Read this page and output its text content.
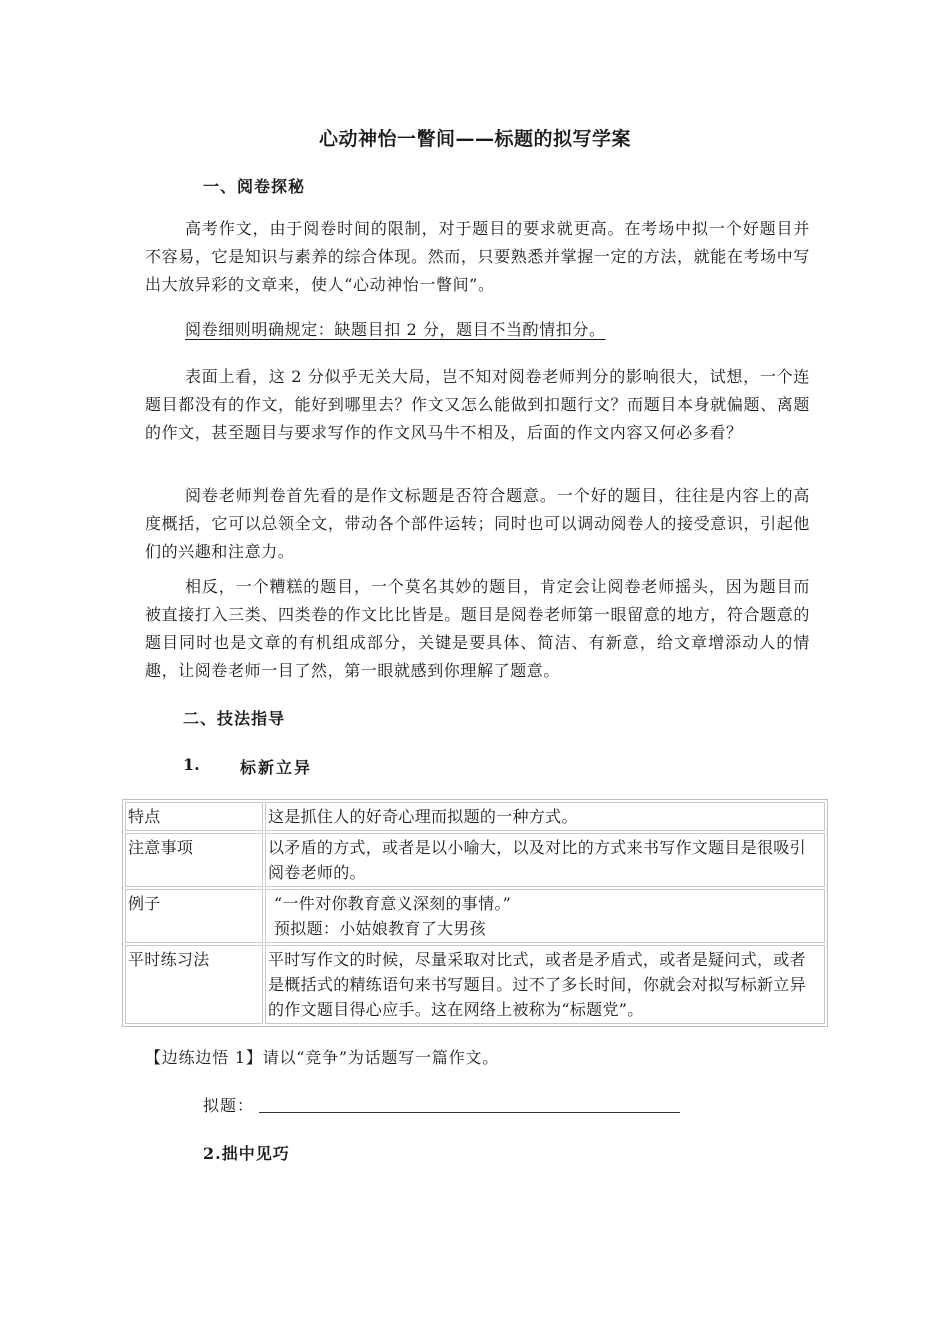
心动神怡一瞥间——标题的拟写学案
一、阅卷探秘
高考作文，由于阅卷时间的限制，对于题目的要求就更高。在考场中拟一个好题目并不容易，它是知识与素养的综合体现。然而，只要熟悉并掌握一定的方法，就能在考场中写出大放异彩的文章来，使人“心动神怡一瞥间”。
阅卷细则明确规定：缺题目扣 2 分，题目不当酌情扣分。
表面上看，这 2 分似乎无关大局，岂不知对阅卷老师判分的影响很大，试想，一个连题目都没有的作文，能好到哪里去？作文又怎么能做到扣题行文？而题目本身就偏题、离题的作文，甚至题目与要求写作的作文风马牛不相及，后面的作文内容又何必多看？
阅卷老师判卷首先看的是作文标题是否符合题意。一个好的题目，往往是内容上的高度概括，它可以总领全文，带动各个部件运转；同时也可以调动阅卷人的接受意识，引起他们的兴趣和注意力。
相反，一个糟糕的题目，一个莫名其妙的题目，肯定会让阅卷老师摇头，因为题目而被直接打入三类、四类卷的作文比比皆是。题目是阅卷老师第一眼留意的地方，符合题意的题目同时也是文章的有机组成部分，关键是要具体、简洁、有新意，给文章增添动人的情趣，让阅卷老师一目了然，第一眼就感到你理解了题意。
二、技法指导
1.	标新立异
特点	这是抓住人的好奇心理而拟题的一种方式。
注意事项	以矛盾的方式，或者是以小喻大，以及对比的方式来书写作文题目是很吸引阅卷老师的。
例子	“一件对你教育意义深刻的事情。”
预拟题：小姑娘教育了大男孩

平时练习法	平时写作文的时候，尽量采取对比式，或者是矛盾式，或者是疑问式，或者是概括式的精练语句来书写题目。过不了多长时间，你就会对拟写标新立异的作文题目得心应手。这在网络上被称为“标题党”。
【边练边悟 1】请以“竞争”为话题写一篇作文。
拟题：
2.拙中见巧
